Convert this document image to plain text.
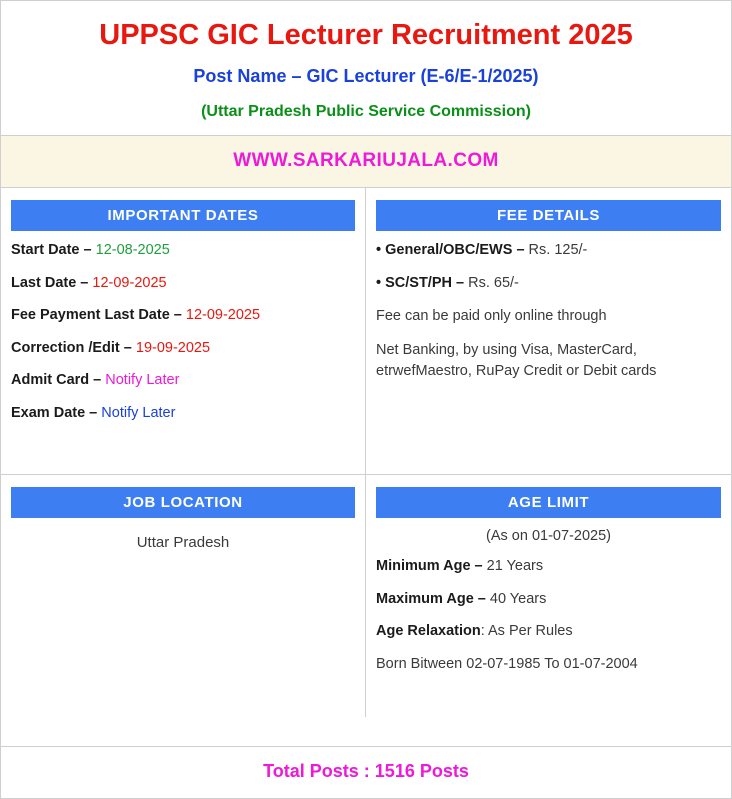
UPPSC GIC Lecturer Recruitment 2025
Post Name – GIC Lecturer (E-6/E-1/2025)
(Uttar Pradesh Public Service Commission)
WWW.SARKARIUJALA.COM
IMPORTANT DATES

Start Date – 12-08-2025

Last Date – 12-09-2025

Fee Payment Last Date – 12-09-2025

Correction /Edit – 19-09-2025

Admit Card – Notify Later

Exam Date – Notify Later

FEE DETAILS

• General/OBC/EWS – Rs. 125/-

• SC/ST/PH – Rs. 65/-

Fee can be paid only online through

Net Banking, by using Visa, MasterCard, etrwefMaestro, RuPay Credit or Debit cards

JOB LOCATION
Uttar Pradesh
AGE LIMIT
(As on 01-07-2025)

Minimum Age – 21 Years

Maximum Age – 40 Years

Age Relaxation: As Per Rules

Born Bitween 02-07-1985 To 01-07-2004

Total Posts : 1516 Posts
